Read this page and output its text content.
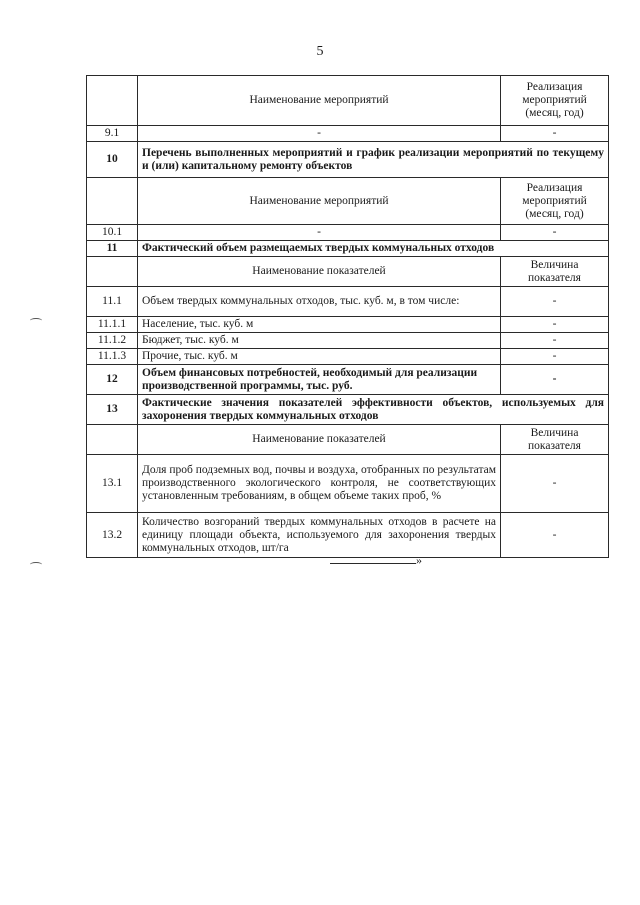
5
	Наименование мероприятий	Реализация мероприятий (месяц, год)
9.1	-	-
10	Перечень выполненных мероприятий и график реализации мероприятий по текущему и (или) капитальному ремонту объектов	
	Наименование мероприятий	Реализация мероприятий (месяц, год)
10.1	-	-
11	Фактический объем размещаемых твердых коммунальных отходов	
	Наименование показателей	Величина показателя
11.1	Объем твердых коммунальных отходов, тыс. куб. м, в том числе:	-
11.1.1	Население, тыс. куб. м	-
11.1.2	Бюджет, тыс. куб. м	-
11.1.3	Прочие, тыс. куб. м	-
12	Объем финансовых потребностей, необходимый для реализации производственной программы, тыс. руб.	-
13	Фактические значения показателей эффективности объектов, используемых для захоронения твердых коммунальных отходов	
	Наименование показателей	Величина показателя
13.1	Доля проб подземных вод, почвы и воздуха, отобранных по результатам производственного экологического контроля, не соответствующих установленным требованиям, в общем объеме таких проб, %	-
13.2	Количество возгораний твердых коммунальных отходов в расчете на единицу площади объекта, используемого для захоронения твердых коммунальных отходов, шт/га	-
»
